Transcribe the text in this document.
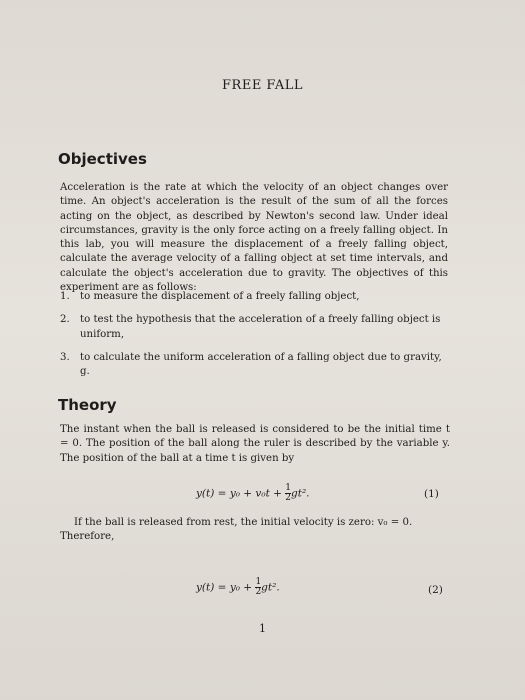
FREE FALL
Objectives
Acceleration is the rate at which the velocity of an object changes over time. An object's acceleration is the result of the sum of all the forces acting on the object, as described by Newton's second law. Under ideal circumstances, gravity is the only force acting on a freely falling object. In this lab, you will measure the displacement of a freely falling object, calculate the average velocity of a falling object at set time intervals, and calculate the object's acceleration due to gravity. The objectives of this experiment are as follows:
1. to measure the displacement of a freely falling object,
2. to test the hypothesis that the acceleration of a freely falling object is uniform,
3. to calculate the uniform acceleration of a falling object due to gravity, g.
Theory
The instant when the ball is released is considered to be the initial time t = 0. The position of the ball along the ruler is described by the variable y. The position of the ball at a time t is given by
$y(t) = y_0 + v_0t + \frac{1}{2} gt^2$.	(1)
If the ball is released from rest, the initial velocity is zero: v₀ = 0.
Therefore,
$y(t) = y_0 + \frac{1}{2} gt^2$.	(2)
1
